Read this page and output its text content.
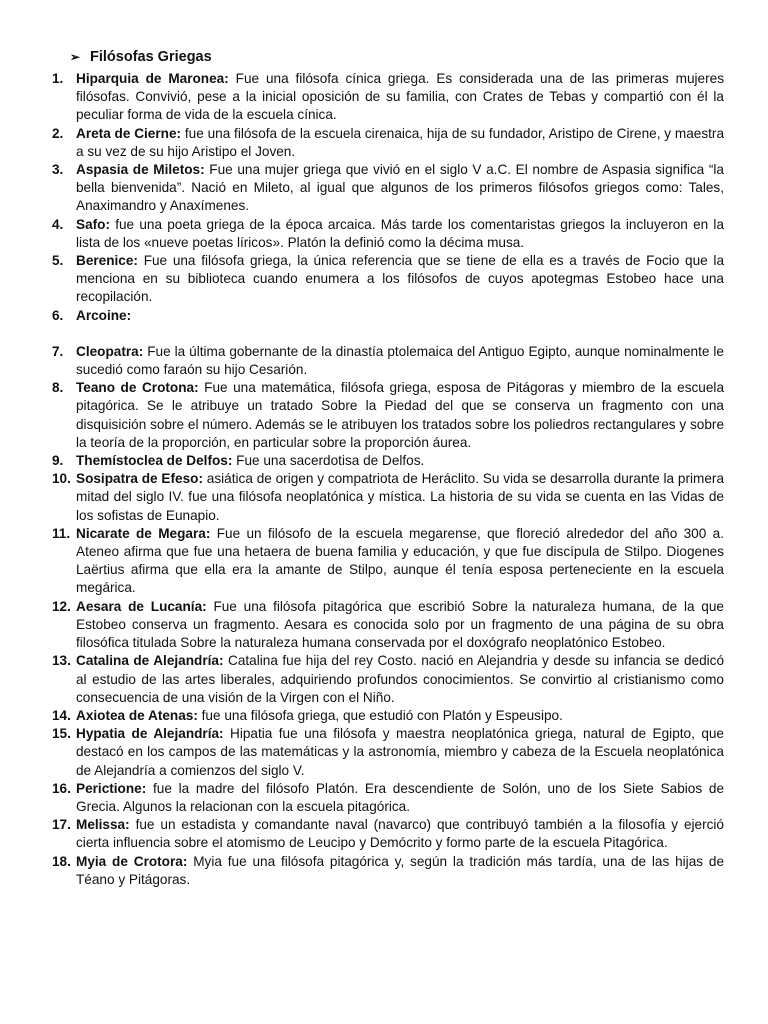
➢ Filósofas Griegas
1. Hiparquia de Maronea: Fue una filósofa cínica griega. Es considerada una de las primeras mujeres filósofas. Convivió, pese a la inicial oposición de su familia, con Crates de Tebas y compartió con él la peculiar forma de vida de la escuela cínica.
2. Areta de Cierne: fue una filósofa de la escuela cirenaica, hija de su fundador, Aristipo de Cirene, y maestra a su vez de su hijo Aristipo el Joven.
3. Aspasia de Miletos: Fue una mujer griega que vivió en el siglo V a.C. El nombre de Aspasia significa “la bella bienvenida”. Nació en Mileto, al igual que algunos de los primeros filósofos griegos como: Tales, Anaximandro y Anaxímenes.
4. Safo: fue una poeta griega de la época arcaica. Más tarde los comentaristas griegos la incluyeron en la lista de los «nueve poetas líricos». Platón la definió como la décima musa.
5. Berenice: Fue una filósofa griega, la única referencia que se tiene de ella es a través de Focio que la menciona en su biblioteca cuando enumera a los filósofos de cuyos apotegmas Estobeo hace una recopilación.
6. Arcoine:
7. Cleopatra: Fue la última gobernante de la dinastía ptolemaica del Antiguo Egipto, aunque nominalmente le sucedió como faraón su hijo Cesarión.
8. Teano de Crotona: Fue una matemática, filósofa griega, esposa de Pitágoras y miembro de la escuela pitagórica. Se le atribuye un tratado Sobre la Piedad del que se conserva un fragmento con una disquisición sobre el número. Además se le atribuyen los tratados sobre los poliedros rectangulares y sobre la teoría de la proporción, en particular sobre la proporción áurea.
9. Themístoclea de Delfos: Fue una sacerdotisa de Delfos.
10. Sosipatra de Efeso: asiática de origen y compatriota de Heráclito. Su vida se desarrolla durante la primera mitad del siglo IV. fue una filósofa neoplatónica y mística. La historia de su vida se cuenta en las Vidas de los sofistas de Eunapio.
11. Nicarate de Megara: Fue un filósofo de la escuela megarense, que floreció alrededor del año 300 a. Ateneo afirma que fue una hetaera de buena familia y educación, y que fue discípula de Stilpo. Diogenes Laërtius afirma que ella era la amante de Stilpo, aunque él tenía esposa perteneciente en la escuela megárica.
12. Aesara de Lucanía: Fue una filósofa pitagórica que escribió Sobre la naturaleza humana, de la que Estobeo conserva un fragmento. Aesara es conocida solo por un fragmento de una página de su obra filosófica titulada Sobre la naturaleza humana conservada por el doxógrafo neoplatónico Estobeo.
13. Catalina de Alejandría: Catalina fue hija del rey Costo. nació en Alejandria y desde su infancia se dedicó al estudio de las artes liberales, adquiriendo profundos conocimientos. Se convirtio al cristianismo como consecuencia de una visión de la Virgen con el Niño.
14. Axiotea de Atenas: fue una filósofa griega, que estudió con Platón y Espeusipo.
15. Hypatia de Alejandría: Hipatia fue una filósofa y maestra neoplatónica griega, natural de Egipto, que destacó en los campos de las matemáticas y la astronomía, miembro y cabeza de la Escuela neoplatónica de Alejandría a comienzos del siglo V.
16. Perictione: fue la madre del filósofo Platón. Era descendiente de Solón, uno de los Siete Sabios de Grecia. Algunos la relacionan con la escuela pitagórica.
17. Melissa: fue un estadista y comandante naval (navarco) que contribuyó también a la filosofía y ejerció cierta influencia sobre el atomismo de Leucipo y Demócrito y formo parte de la escuela Pitagórica.
18. Myia de Crotora: Myia fue una filósofa pitagórica y, según la tradición más tardía, una de las hijas de Téano y Pitágoras.
